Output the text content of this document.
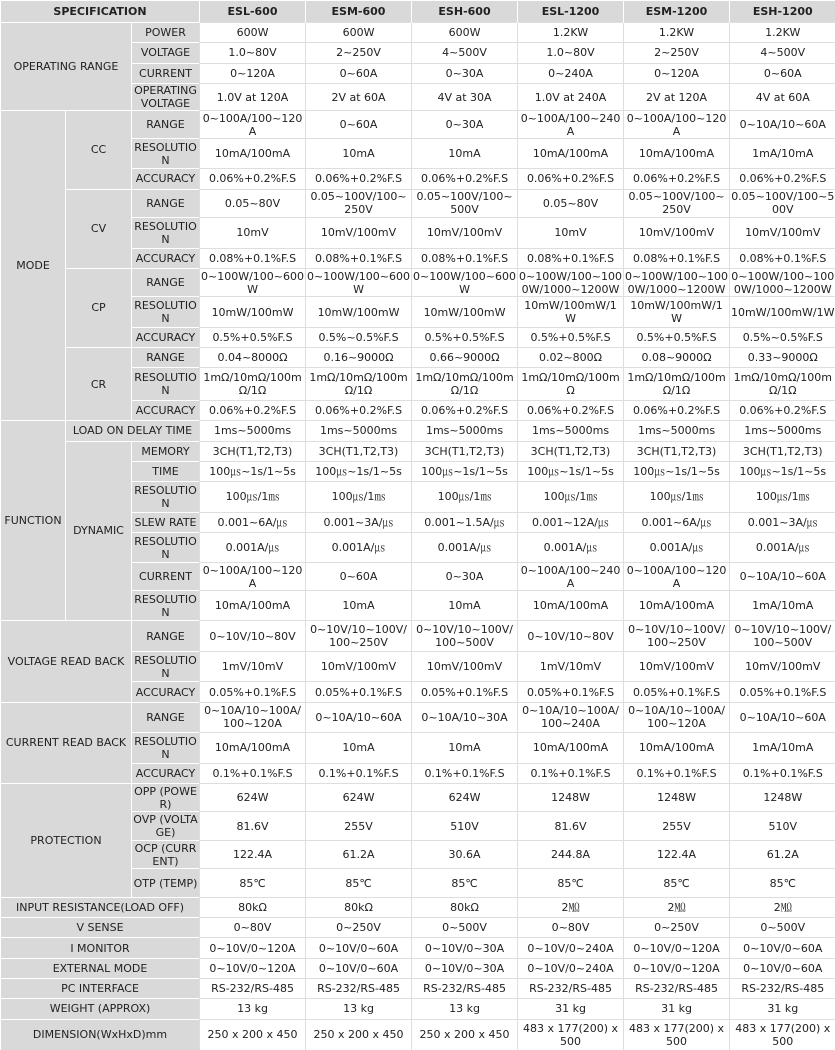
SPECIFICATION			ESL-600	ESM-600	ESH-600	ESL-1200	ESM-1200	ESH-1200
OPERATING RANGE		POWER	600W	600W	600W	1.2KW	1.2KW	1.2KW
		VOLTAGE	1.0~80V	2~250V	4~500V	1.0~80V	2~250V	4~500V
		CURRENT	0~120A	0~60A	0~30A	0~240A	0~120A	0~60A
		OPERATING VOLTAGE	1.0V at 120A	2V at 60A	4V at 30A	1.0V at 240A	2V at 120A	4V at 60A
MODE	CC	RANGE	0~100A/100~120A	0~60A	0~30A	0~100A/100~240A	0~100A/100~120A	0~10A/10~60A
		RESOLUTION	10mA/100mA	10mA	10mA	10mA/100mA	10mA/100mA	1mA/10mA
		ACCURACY	0.06%+0.2%F.S	0.06%+0.2%F.S	0.06%+0.2%F.S	0.06%+0.2%F.S	0.06%+0.2%F.S	0.06%+0.2%F.S
	CV	RANGE	0.05~80V	0.05~100V/100~250V	0.05~100V/100~500V	0.05~80V	0.05~100V/100~250V	0.05~100V/100~500V
		RESOLUTION	10mV	10mV/100mV	10mV/100mV	10mV	10mV/100mV	10mV/100mV
		ACCURACY	0.08%+0.1%F.S	0.08%+0.1%F.S	0.08%+0.1%F.S	0.08%+0.1%F.S	0.08%+0.1%F.S	0.08%+0.1%F.S
	CP	RANGE	0~100W/100~600W	0~100W/100~600W	0~100W/100~600W	0~100W/100~1000W/1000~1200W	0~100W/100~1000W/1000~1200W	0~100W/100~1000W/1000~1200W
		RESOLUTION	10mW/100mW	10mW/100mW	10mW/100mW	10mW/100mW/1W	10mW/100mW/1W	10mW/100mW/1W
		ACCURACY	0.5%+0.5%F.S	0.5%~0.5%F.S	0.5%+0.5%F.S	0.5%+0.5%F.S	0.5%+0.5%F.S	0.5%~0.5%F.S
	CR	RANGE	0.04~8000Ω	0.16~9000Ω	0.66~9000Ω	0.02~800Ω	0.08~9000Ω	0.33~9000Ω
		RESOLUTION	1mΩ/10mΩ/100mΩ/1Ω	1mΩ/10mΩ/100mΩ/1Ω	1mΩ/10mΩ/100mΩ/1Ω	1mΩ/10mΩ/100mΩ	1mΩ/10mΩ/100mΩ/1Ω	1mΩ/10mΩ/100mΩ/1Ω
		ACCURACY	0.06%+0.2%F.S	0.06%+0.2%F.S	0.06%+0.2%F.S	0.06%+0.2%F.S	0.06%+0.2%F.S	0.06%+0.2%F.S
FUNCTION	LOAD ON DELAY TIME		1ms~5000ms	1ms~5000ms	1ms~5000ms	1ms~5000ms	1ms~5000ms	1ms~5000ms
	DYNAMIC	MEMORY	3CH(T1,T2,T3)	3CH(T1,T2,T3)	3CH(T1,T2,T3)	3CH(T1,T2,T3)	3CH(T1,T2,T3)	3CH(T1,T2,T3)
		TIME	100㎲~1s/1~5s	100㎲~1s/1~5s	100㎲~1s/1~5s	100㎲~1s/1~5s	100㎲~1s/1~5s	100㎲~1s/1~5s
		RESOLUTION	100㎲/1㎳	100㎲/1㎳	100㎲/1㎳	100㎲/1㎳	100㎲/1㎳	100㎲/1㎳
		SLEW RATE	0.001~6A/㎲	0.001~3A/㎲	0.001~1.5A/㎲	0.001~12A/㎲	0.001~6A/㎲	0.001~3A/㎲
		RESOLUTION	0.001A/㎲	0.001A/㎲	0.001A/㎲	0.001A/㎲	0.001A/㎲	0.001A/㎲
		CURRENT	0~100A/100~120A	0~60A	0~30A	0~100A/100~240A	0~100A/100~120A	0~10A/10~60A
		RESOLUTION	10mA/100mA	10mA	10mA	10mA/100mA	10mA/100mA	1mA/10mA
VOLTAGE READ BACK		RANGE	0~10V/10~80V	0~10V/10~100V/100~250V	0~10V/10~100V/100~500V	0~10V/10~80V	0~10V/10~100V/100~250V	0~10V/10~100V/100~500V
		RESOLUTION	1mV/10mV	10mV/100mV	10mV/100mV	1mV/10mV	10mV/100mV	10mV/100mV
		ACCURACY	0.05%+0.1%F.S	0.05%+0.1%F.S	0.05%+0.1%F.S	0.05%+0.1%F.S	0.05%+0.1%F.S	0.05%+0.1%F.S
CURRENT READ BACK		RANGE	0~10A/10~100A/100~120A	0~10A/10~60A	0~10A/10~30A	0~10A/10~100A/100~240A	0~10A/10~100A/100~120A	0~10A/10~60A
		RESOLUTION	10mA/100mA	10mA	10mA	10mA/100mA	10mA/100mA	1mA/10mA
		ACCURACY	0.1%+0.1%F.S	0.1%+0.1%F.S	0.1%+0.1%F.S	0.1%+0.1%F.S	0.1%+0.1%F.S	0.1%+0.1%F.S
PROTECTION		OPP (POWER)	624W	624W	624W	1248W	1248W	1248W
		OVP (VOLTAGE)	81.6V	255V	510V	81.6V	255V	510V
		OCP (CURRENT)	122.4A	61.2A	30.6A	244.8A	122.4A	61.2A
		OTP (TEMP)	85℃	85℃	85℃	85℃	85℃	85℃
INPUT RESISTANCE(LOAD OFF)			80kΩ	80kΩ	80kΩ	2㏁	2㏁	2㏁
V SENSE			0~80V	0~250V	0~500V	0~80V	0~250V	0~500V
I MONITOR			0~10V/0~120A	0~10V/0~60A	0~10V/0~30A	0~10V/0~240A	0~10V/0~120A	0~10V/0~60A
EXTERNAL MODE			0~10V/0~120A	0~10V/0~60A	0~10V/0~30A	0~10V/0~240A	0~10V/0~120A	0~10V/0~60A
PC INTERFACE			RS-232/RS-485	RS-232/RS-485	RS-232/RS-485	RS-232/RS-485	RS-232/RS-485	RS-232/RS-485
WEIGHT (APPROX)			13 kg	13 kg	13 kg	31 kg	31 kg	31 kg
DIMENSION(WxHxD)mm			250 x 200 x 450	250 x 200 x 450	250 x 200 x 450	483 x 177(200) x 500	483 x 177(200) x 500	483 x 177(200) x 500
